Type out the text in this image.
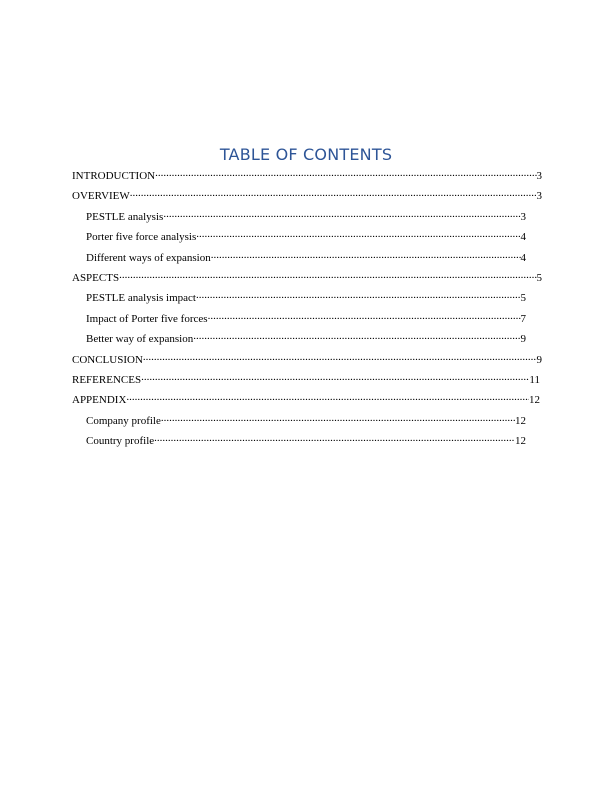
TABLE OF CONTENTS
INTRODUCTION .....	3
OVERVIEW .....	3
PESTLE analysis .....	3
Porter five force analysis .....	4
Different ways of expansion .....	4
ASPECTS .....	5
PESTLE analysis impact .....	5
Impact of Porter five forces .....	7
Better way of expansion .....	9
CONCLUSION .....	9
REFERENCES .....	11
APPENDIX .....	12
Company profile .....	12
Country profile .....	12
